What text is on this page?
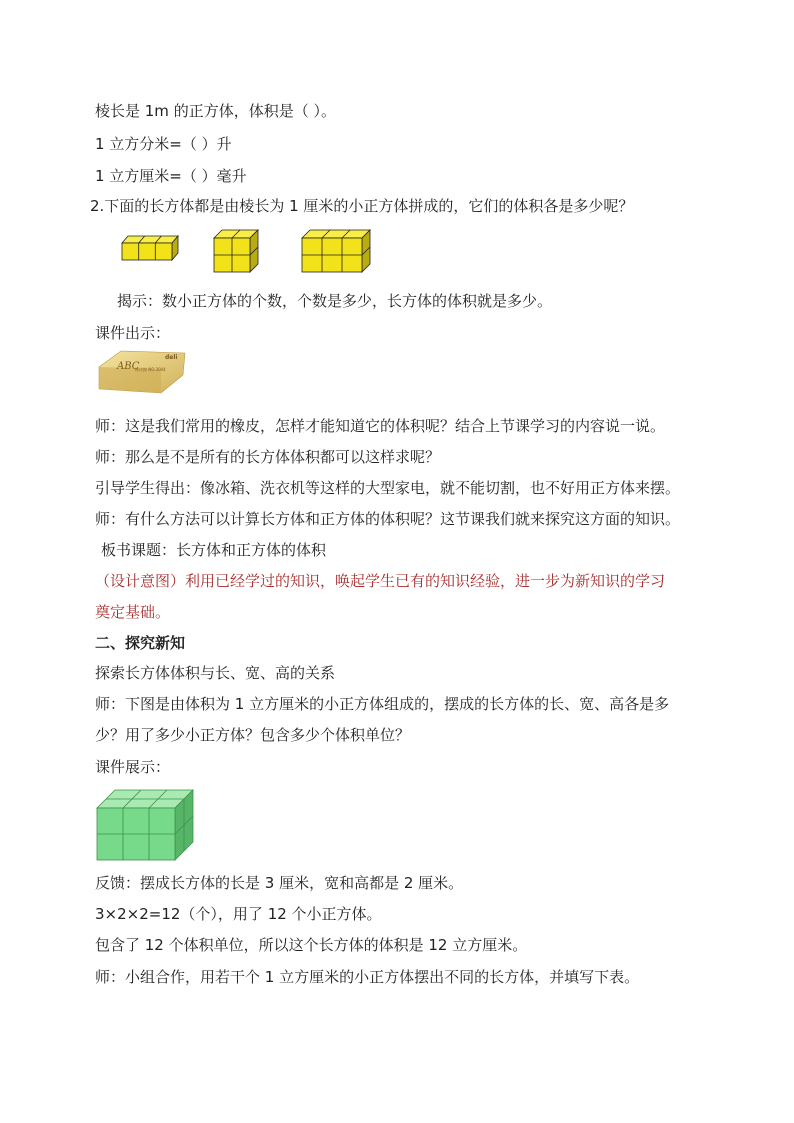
棱长是 1m 的正方体，体积是（ ）。
1 立方分米=（ ）升
1 立方厘米=（ ）毫升
2.下面的长方体都是由棱长为 1 厘米的小正方体拼成的，它们的体积各是多少呢？
揭示：数小正方体的个数，个数是多少，长方体的体积就是多少。
课件出示：
deli
ABC
橡皮擦 NO.3004
师：这是我们常用的橡皮，怎样才能知道它的体积呢？结合上节课学习的内容说一说。
师：那么是不是所有的长方体体积都可以这样求呢？
引导学生得出：像冰箱、洗衣机等这样的大型家电，就不能切割，也不好用正方体来摆。
师：有什么方法可以计算长方体和正方体的体积呢？这节课我们就来探究这方面的知识。
板书课题：长方体和正方体的体积
（设计意图）利用已经学过的知识，唤起学生已有的知识经验，进一步为新知识的学习
奠定基础。
二、探究新知
探索长方体体积与长、宽、高的关系
师：下图是由体积为 1 立方厘米的小正方体组成的，摆成的长方体的长、宽、高各是多
少？用了多少小正方体？包含多少个体积单位？
课件展示：
反馈：摆成长方体的长是 3 厘米，宽和高都是 2 厘米。
3×2×2=12（个），用了 12 个小正方体。
包含了 12 个体积单位，所以这个长方体的体积是 12 立方厘米。
师：小组合作，用若干个 1 立方厘米的小正方体摆出不同的长方体，并填写下表。
